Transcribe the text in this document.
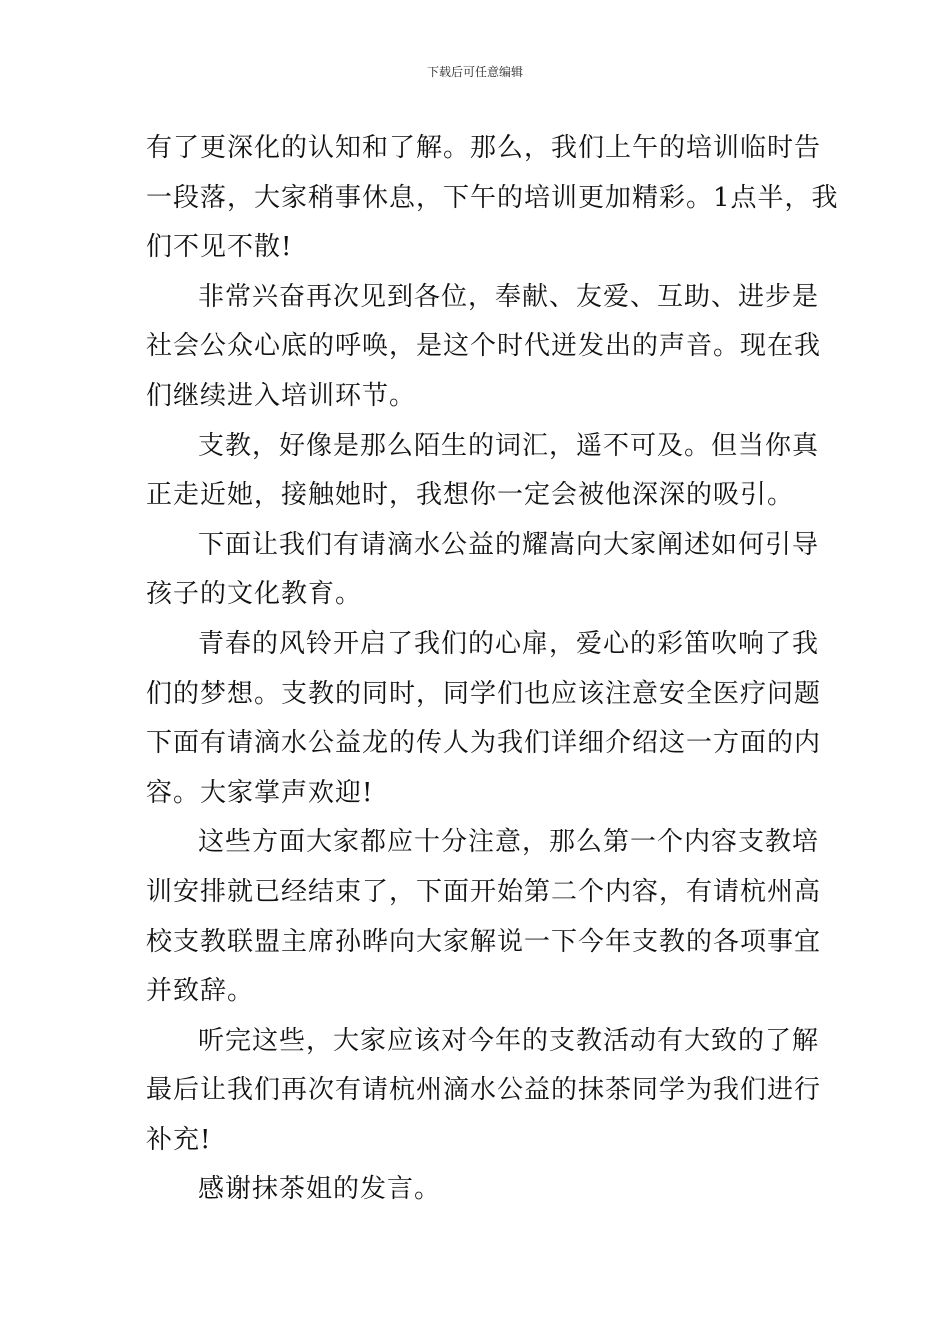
下载后可任意编辑
有了更深化的认知和了解。那么，我们上午的培训临时告
一段落，大家稍事休息，下午的培训更加精彩。1点半，我
们不见不散!
非常兴奋再次见到各位，奉献、友爱、互助、进步是
社会公众心底的呼唤，是这个时代迸发出的声音。现在我
们继续进入培训环节。
支教，好像是那么陌生的词汇，遥不可及。但当你真
正走近她，接触她时，我想你一定会被他深深的吸引。
下面让我们有请滴水公益的耀嵩向大家阐述如何引导
孩子的文化教育。
青春的风铃开启了我们的心扉，爱心的彩笛吹响了我
们的梦想。支教的同时，同学们也应该注意安全医疗问题
下面有请滴水公益龙的传人为我们详细介绍这一方面的内
容。大家掌声欢迎!
这些方面大家都应十分注意，那么第一个内容支教培
训安排就已经结束了，下面开始第二个内容，有请杭州高
校支教联盟主席孙晔向大家解说一下今年支教的各项事宜
并致辞。
听完这些，大家应该对今年的支教活动有大致的了解
最后让我们再次有请杭州滴水公益的抹茶同学为我们进行
补充!
感谢抹茶姐的发言。
